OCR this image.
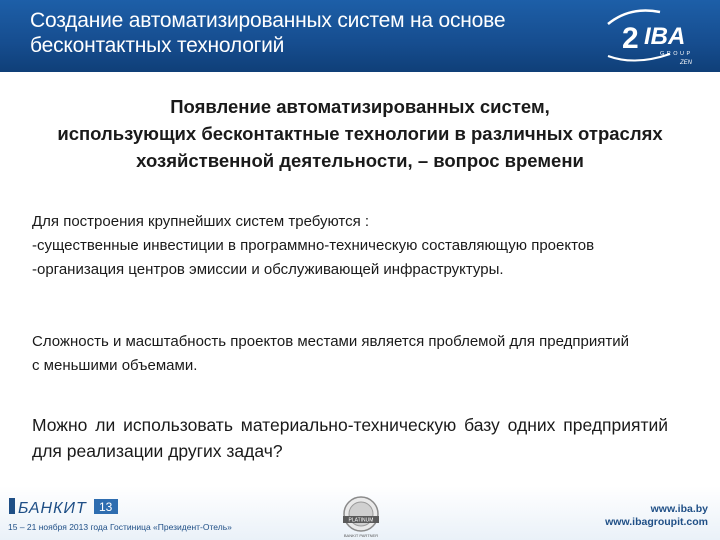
Создание автоматизированных систем на основе
бесконтактных технологий	2 IBA
GROUP
ZEN
Появление автоматизированных систем,
использующих бесконтактные технологии в различных отраслях
хозяйственной деятельности, – вопрос времени
Для построения крупнейших систем требуются :
-существенные инвестиции в программно-техническую составляющую проектов
-организация центров эмиссии и обслуживающей инфраструктуры.
Сложность и масштабность проектов местами является проблемой для предприятий
с меньшими объемами.
Можно ли использовать материально-техническую базу одних предприятий
для реализации других задач?
БАНКИТ 13
15 – 21 ноября 2013 года Гостиница «Президент-Отель»
PLATINUM
BANKIT PARTNER
www.iba.by
www.ibagroupit.com
